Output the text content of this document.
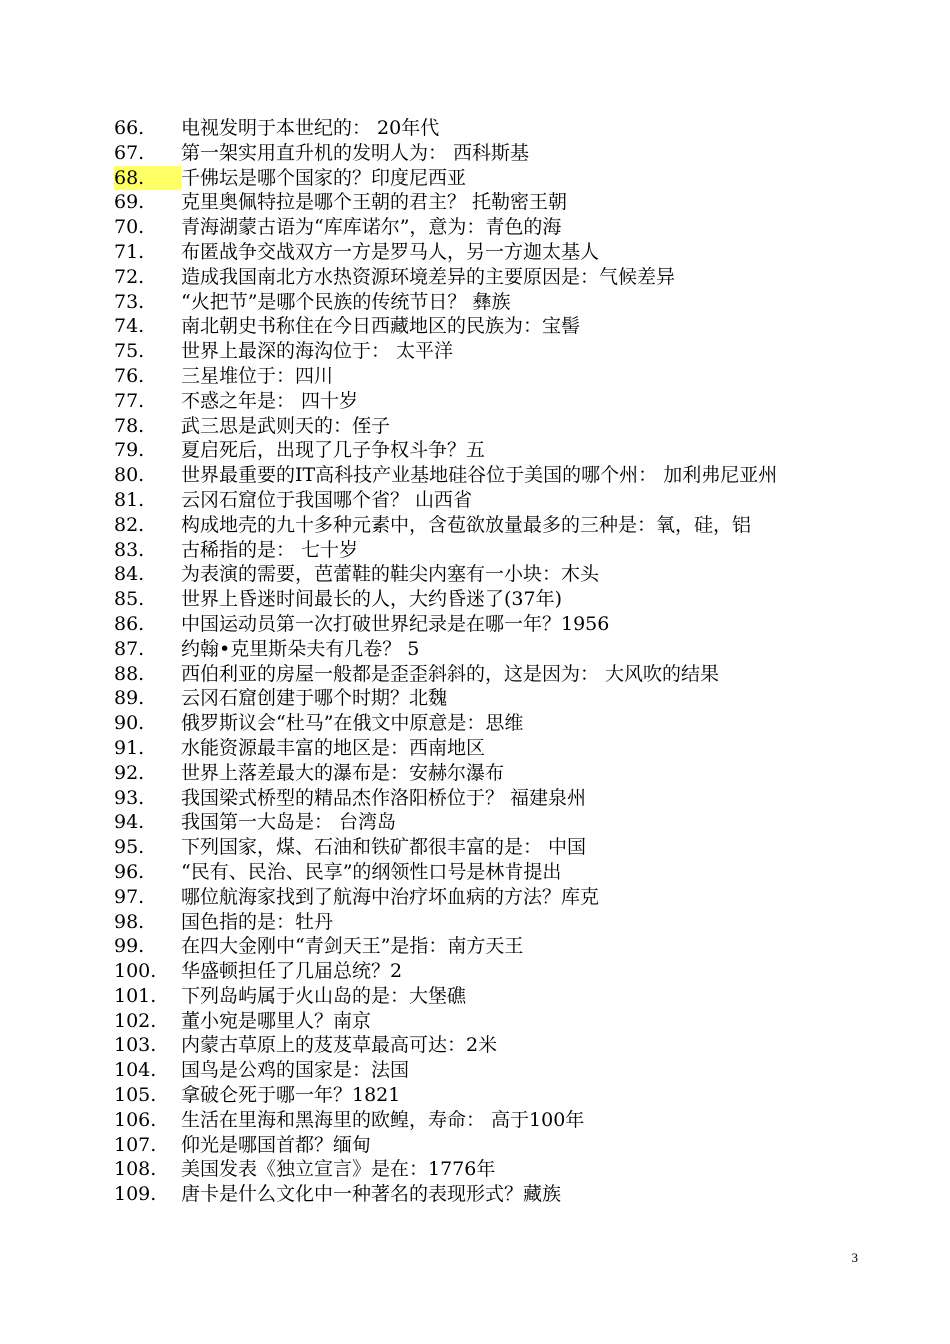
66. 电视发明于本世纪的： 20年代
67. 第一架实用直升机的发明人为： 西科斯基
68. 千佛坛是哪个国家的？印度尼西亚
69. 克里奥佩特拉是哪个王朝的君主？ 托勒密王朝
70. 青海湖蒙古语为“库库诺尔”，意为：青色的海
71. 布匿战争交战双方一方是罗马人，另一方迦太基人
72. 造成我国南北方水热资源环境差异的主要原因是：气候差异
73. “火把节”是哪个民族的传统节日？ 彝族
74. 南北朝史书称住在今日西藏地区的民族为：宝髻
75. 世界上最深的海沟位于： 太平洋
76. 三星堆位于：四川
77. 不惑之年是： 四十岁
78. 武三思是武则天的：侄子
79. 夏启死后，出现了几子争权斗争？五
80. 世界最重要的IT高科技产业基地硅谷位于美国的哪个州： 加利弗尼亚州
81. 云冈石窟位于我国哪个省？ 山西省
82. 构成地壳的九十多种元素中，含苞欲放量最多的三种是：氧，硅，铝
83. 古稀指的是： 七十岁
84. 为表演的需要，芭蕾鞋的鞋尖内塞有一小块：木头
85. 世界上昏迷时间最长的人，大约昏迷了(37年)
86. 中国运动员第一次打破世界纪录是在哪一年？1956
87. 约翰•克里斯朵夫有几卷？ 5
88. 西伯利亚的房屋一般都是歪歪斜斜的，这是因为： 大风吹的结果
89. 云冈石窟创建于哪个时期？北魏
90. 俄罗斯议会“杜马”在俄文中原意是：思维
91. 水能资源最丰富的地区是：西南地区
92. 世界上落差最大的瀑布是：安赫尔瀑布
93. 我国梁式桥型的精品杰作洛阳桥位于？ 福建泉州
94. 我国第一大岛是： 台湾岛
95. 下列国家，煤、石油和铁矿都很丰富的是： 中国
96. “民有、民治、民享”的纲领性口号是林肯提出
97. 哪位航海家找到了航海中治疗坏血病的方法？库克
98. 国色指的是：牡丹
99. 在四大金刚中“青剑天王”是指：南方天王
100. 华盛顿担任了几届总统？2
101. 下列岛屿属于火山岛的是：大堡礁
102. 董小宛是哪里人？南京
103. 内蒙古草原上的芨芨草最高可达：2米
104. 国鸟是公鸡的国家是：法国
105. 拿破仑死于哪一年？1821
106. 生活在里海和黑海里的欧鳇，寿命： 高于100年
107. 仰光是哪国首都？缅甸
108. 美国发表《独立宣言》是在：1776年
109. 唐卡是什么文化中一种著名的表现形式？藏族
3
